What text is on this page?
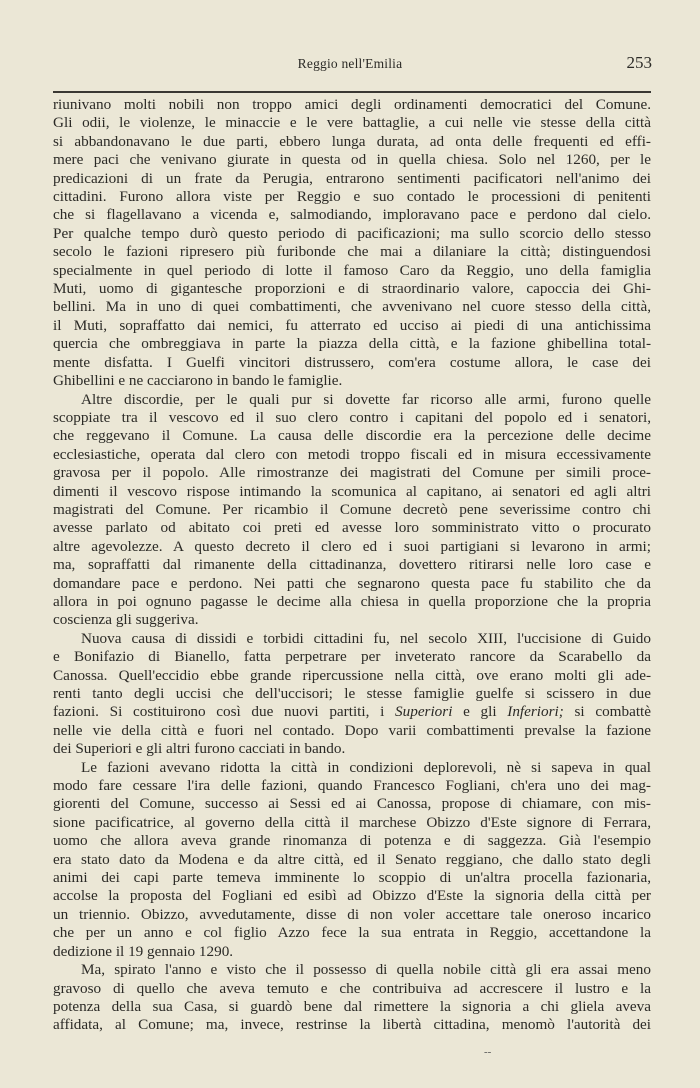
Reggio nell'Emilia	253
riunivano molti nobili non troppo amici degli ordinamenti democratici del Comune.
Gli odii, le violenze, le minaccie e le vere battaglie, a cui nelle vie stesse della città
si abbandonavano le due parti, ebbero lunga durata, ad onta delle frequenti ed effi-
mere paci che venivano giurate in questa od in quella chiesa. Solo nel 1260, per le
predicazioni di un frate da Perugia, entrarono sentimenti pacificatori nell'animo dei
cittadini. Furono allora viste per Reggio e suo contado le processioni di penitenti
che si flagellavano a vicenda e, salmodiando, imploravano pace e perdono dal cielo.
Per qualche tempo durò questo periodo di pacificazioni; ma sullo scorcio dello stesso
secolo le fazioni ripresero più furibonde che mai a dilaniare la città; distinguendosi
specialmente in quel periodo di lotte il famoso Caro da Reggio, uno della famiglia
Muti, uomo di gigantesche proporzioni e di straordinario valore, capoccia dei Ghi-
bellini. Ma in uno di quei combattimenti, che avvenivano nel cuore stesso della città,
il Muti, sopraffatto dai nemici, fu atterrato ed ucciso ai piedi di una antichissima
quercia che ombreggiava in parte la piazza della città, e la fazione ghibellina total-
mente disfatta. I Guelfi vincitori distrussero, com'era costume allora, le case dei
Ghibellini e ne cacciarono in bando le famiglie.
Altre discordie, per le quali pur si dovette far ricorso alle armi, furono quelle
scoppiate tra il vescovo ed il suo clero contro i capitani del popolo ed i senatori,
che reggevano il Comune. La causa delle discordie era la percezione delle decime
ecclesiastiche, operata dal clero con metodi troppo fiscali ed in misura eccessivamente
gravosa per il popolo. Alle rimostranze dei magistrati del Comune per simili proce-
dimenti il vescovo rispose intimando la scomunica al capitano, ai senatori ed agli altri
magistrati del Comune. Per ricambio il Comune decretò pene severissime contro chi
avesse parlato od abitato coi preti ed avesse loro somministrato vitto o procurato
altre agevolezze. A questo decreto il clero ed i suoi partigiani si levarono in armi;
ma, sopraffatti dal rimanente della cittadinanza, dovettero ritirarsi nelle loro case e
domandare pace e perdono. Nei patti che segnarono questa pace fu stabilito che da
allora in poi ognuno pagasse le decime alla chiesa in quella proporzione che la propria
coscienza gli suggeriva.
Nuova causa di dissidi e torbidi cittadini fu, nel secolo XIII, l'uccisione di Guido
e Bonifazio di Bianello, fatta perpetrare per inveterato rancore da Scarabello da
Canossa. Quell'eccidio ebbe grande ripercussione nella città, ove erano molti gli ade-
renti tanto degli uccisi che dell'uccisori; le stesse famiglie guelfe si scissero in due
fazioni. Si costituirono così due nuovi partiti, i Superiori e gli Inferiori; si combattè
nelle vie della città e fuori nel contado. Dopo varii combattimenti prevalse la fazione
dei Superiori e gli altri furono cacciati in bando.
Le fazioni avevano ridotta la città in condizioni deplorevoli, nè si sapeva in qual
modo fare cessare l'ira delle fazioni, quando Francesco Fogliani, ch'era uno dei mag-
giorenti del Comune, successo ai Sessi ed ai Canossa, propose di chiamare, con mis-
sione pacificatrice, al governo della città il marchese Obizzo d'Este signore di Ferrara,
uomo che allora aveva grande rinomanza di potenza e di saggezza. Già l'esempio
era stato dato da Modena e da altre città, ed il Senato reggiano, che dallo stato degli
animi dei capi parte temeva imminente lo scoppio di un'altra procella fazionaria,
accolse la proposta del Fogliani ed esibì ad Obizzo d'Este la signoria della città per
un triennio. Obizzo, avvedutamente, disse di non voler accettare tale oneroso incarico
che per un anno e col figlio Azzo fece la sua entrata in Reggio, accettandone la
dedizione il 19 gennaio 1290.
Ma, spirato l'anno e visto che il possesso di quella nobile città gli era assai meno
gravoso di quello che aveva temuto e che contribuiva ad accrescere il lustro e la
potenza della sua Casa, si guardò bene dal rimettere la signoria a chi gliela aveva
affidata, al Comune; ma, invece, restrinse la libertà cittadina, menomò l'autorità dei
--
